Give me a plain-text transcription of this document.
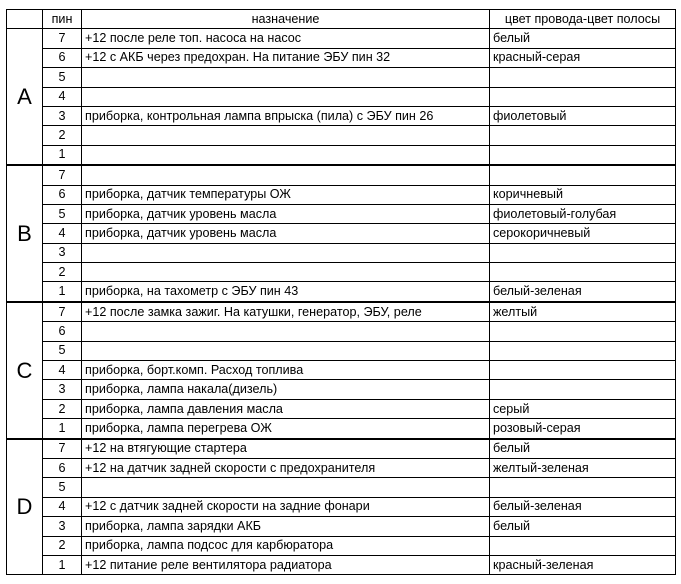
	пин	назначение	цвет провода-цвет полосы
A	7	+12 после реле топ. насоса на насос	белый
	6	+12 с АКБ через предохран. На питание ЭБУ пин 32	красный-серая
	5		
	4		
	3	приборка, контрольная лампа впрыска (пила) с ЭБУ пин 26	фиолетовый
	2		
	1		
B	7		
	6	приборка, датчик температуры ОЖ	коричневый
	5	приборка, датчик уровень масла	фиолетовый-голубая
	4	приборка, датчик уровень масла	серокоричневый
	3		
	2		
	1	приборка, на тахометр с ЭБУ пин 43	белый-зеленая
C	7	+12 после замка зажиг. На катушки, генератор, ЭБУ, реле	желтый
	6		
	5		
	4	приборка, борт.комп. Расход топлива	
	3	приборка, лампа накала(дизель)	
	2	приборка, лампа давления масла	серый
	1	приборка, лампа перегрева ОЖ	розовый-серая
D	7	+12 на втягующие стартера	белый
	6	+12 на датчик задней скорости с предохранителя	желтый-зеленая
	5		
	4	+12 с датчик задней скорости на задние фонари	белый-зеленая
	3	приборка, лампа зарядки АКБ	белый
	2	приборка, лампа подсос для карбюратора	
	1	+12 питание реле вентилятора радиатора	красный-зеленая
